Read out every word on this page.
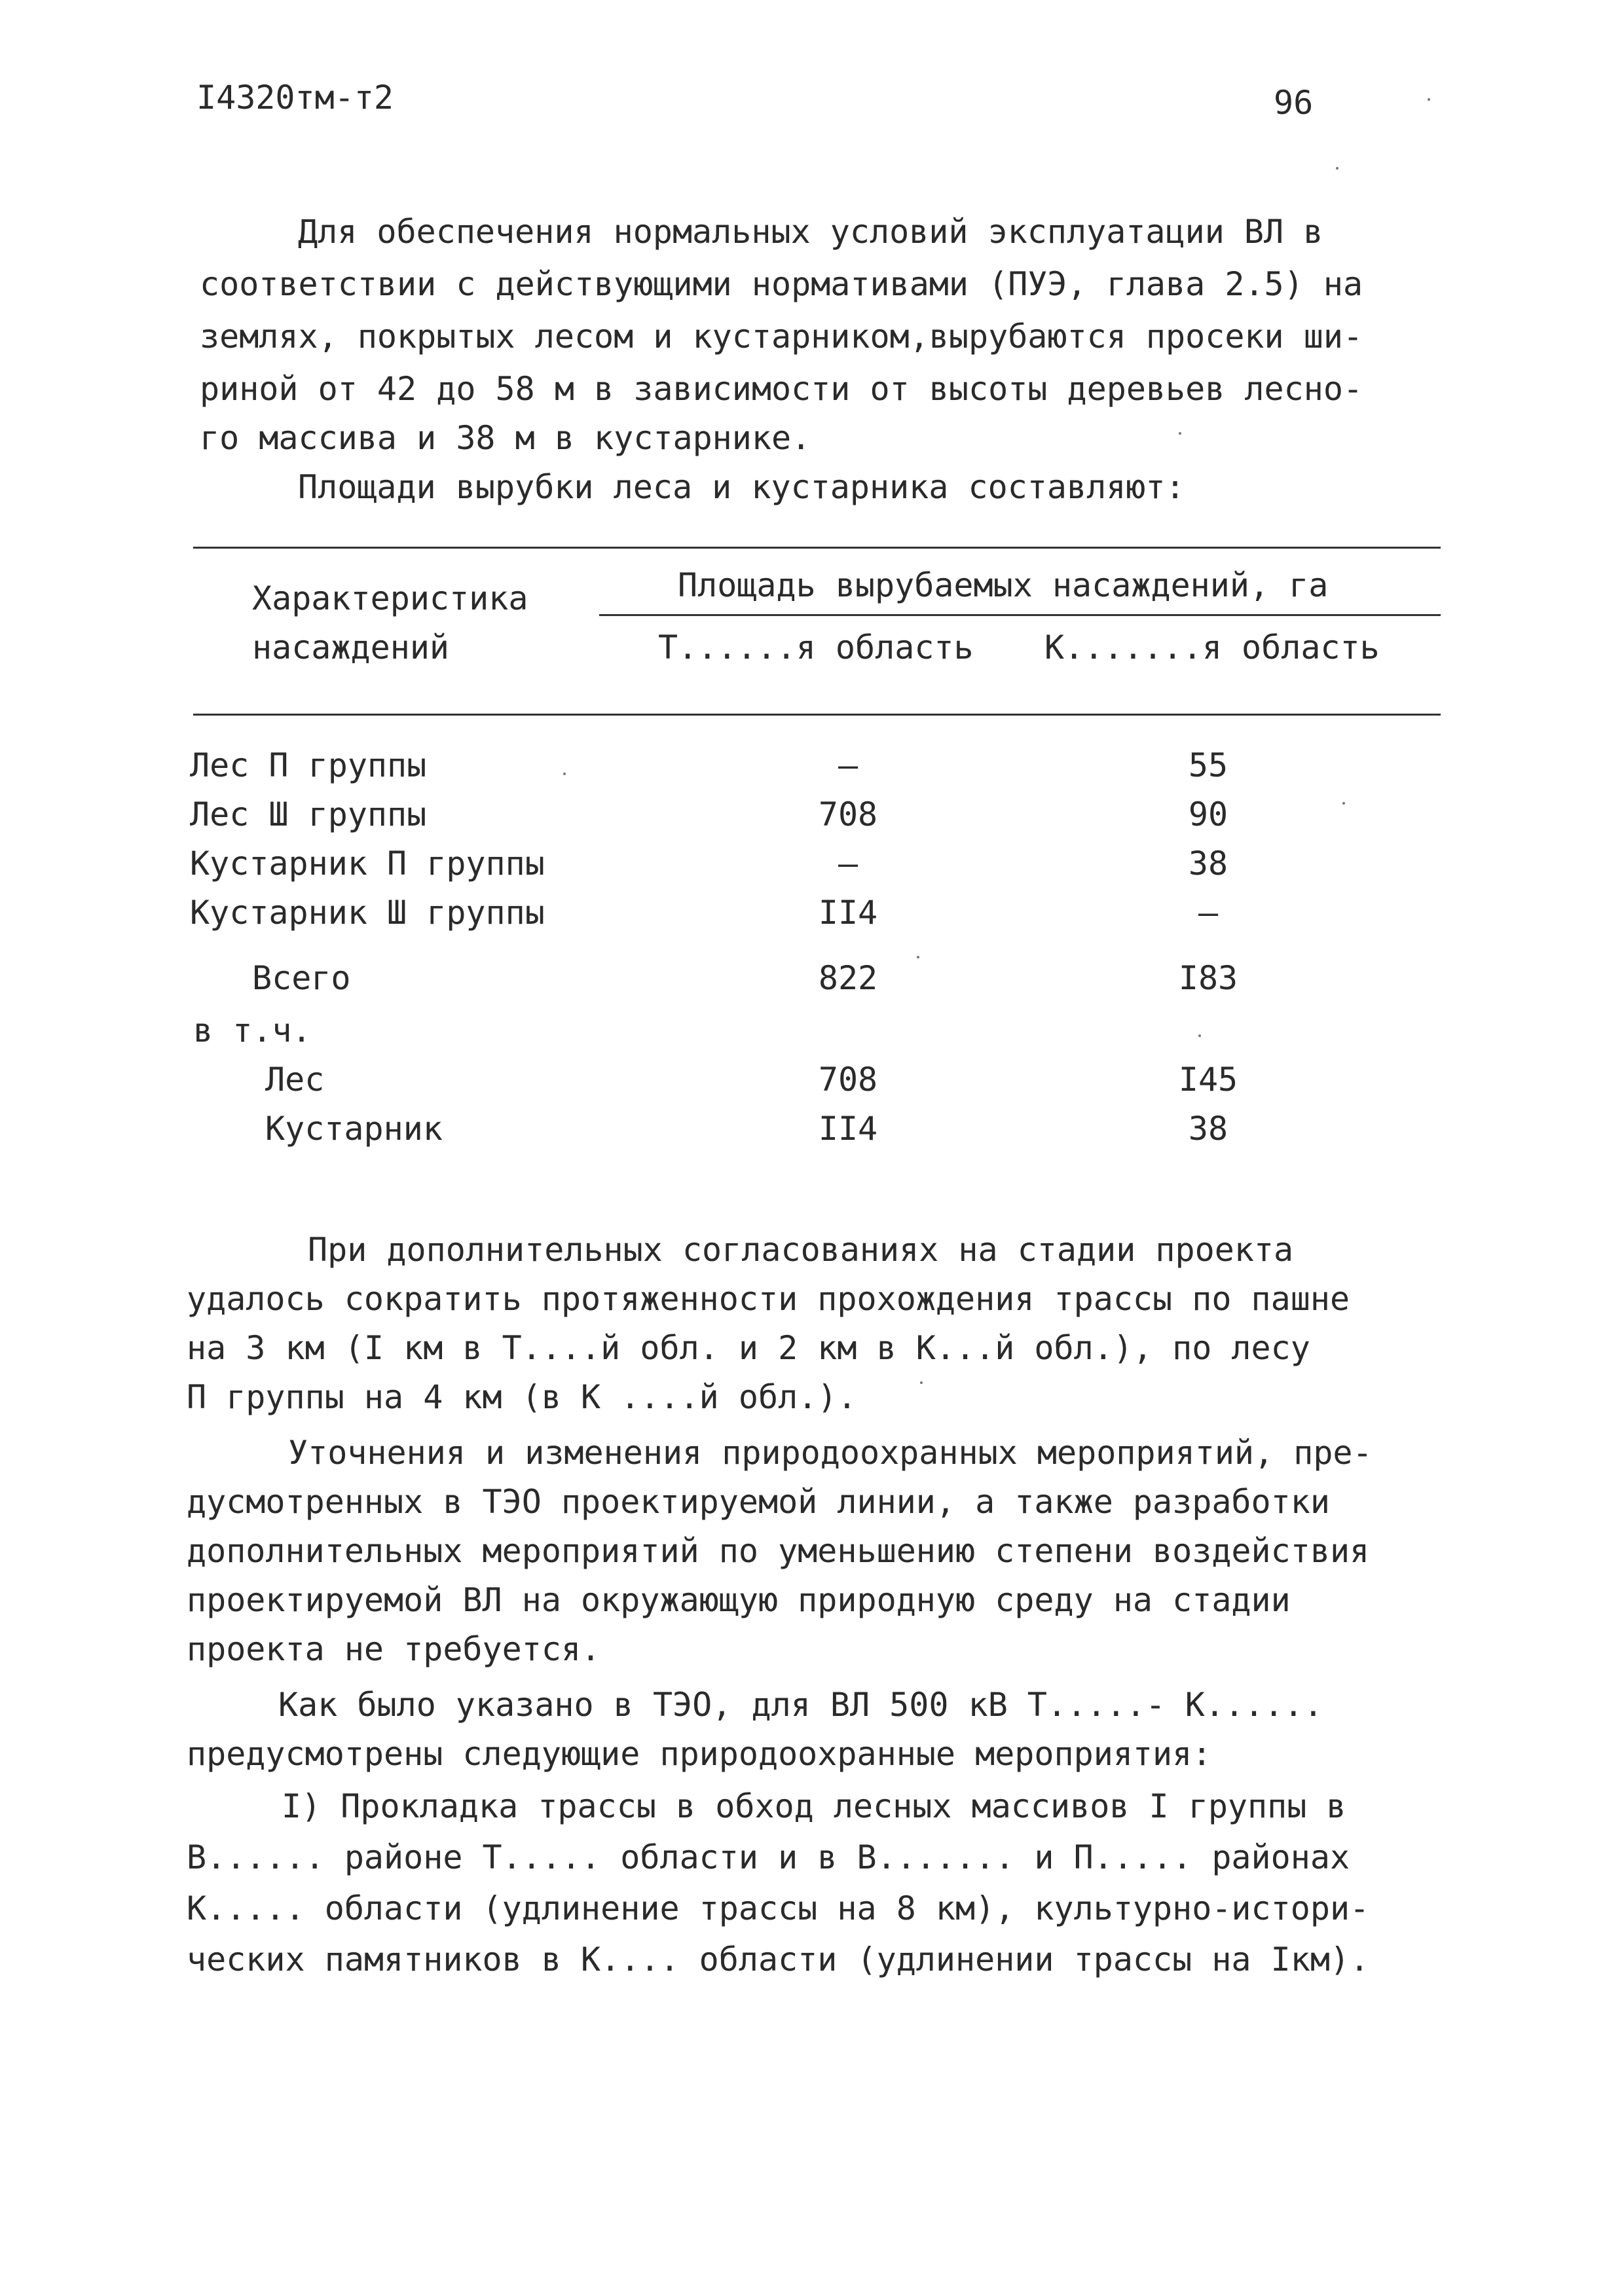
I4320тм-т2	96
Для обеспечения нормальных условий эксплуатации ВЛ в
соответствии с действующими нормативами (ПУЭ, глава 2.5) на
землях, покрытых лесом и кустарником,вырубаются просеки ши-
риной от 42 до 58 м в зависимости от высоты деревьев лесно-
го массива и 38 м в кустарнике.
Площади вырубки леса и кустарника составляют:
Характеристика
насаждений
Площадь вырубаемых насаждений, га
Т......я область К.......я область
Лес П группы	–	55
Лес Ш группы	708	90
Кустарник П группы	–	38
Кустарник Ш группы	II4	–
Всего	822	I83
в т.ч.
Лес	708	I45
Кустарник	II4	38
При дополнительных согласованиях на стадии проекта
удалось сократить протяженности прохождения трассы по пашне
на 3 км (I км в Т....й обл. и 2 км в К...й обл.), по лесу
П группы на 4 км (в К ....й обл.).
Уточнения и изменения природоохранных мероприятий, пре-
дусмотренных в ТЭО проектируемой линии, а также разработки
дополнительных мероприятий по уменьшению степени воздействия
проектируемой ВЛ на окружающую природную среду на стадии
проекта не требуется.
Как было указано в ТЭО, для ВЛ 500 кВ Т.....- К......
предусмотрены следующие природоохранные мероприятия:
I) Прокладка трассы в обход лесных массивов I группы в
В...... районе Т..... области и в В....... и П..... районах
К..... области (удлинение трассы на 8 км), культурно-истори-
ческих памятников в К.... области (удлинении трассы на Iкм).
